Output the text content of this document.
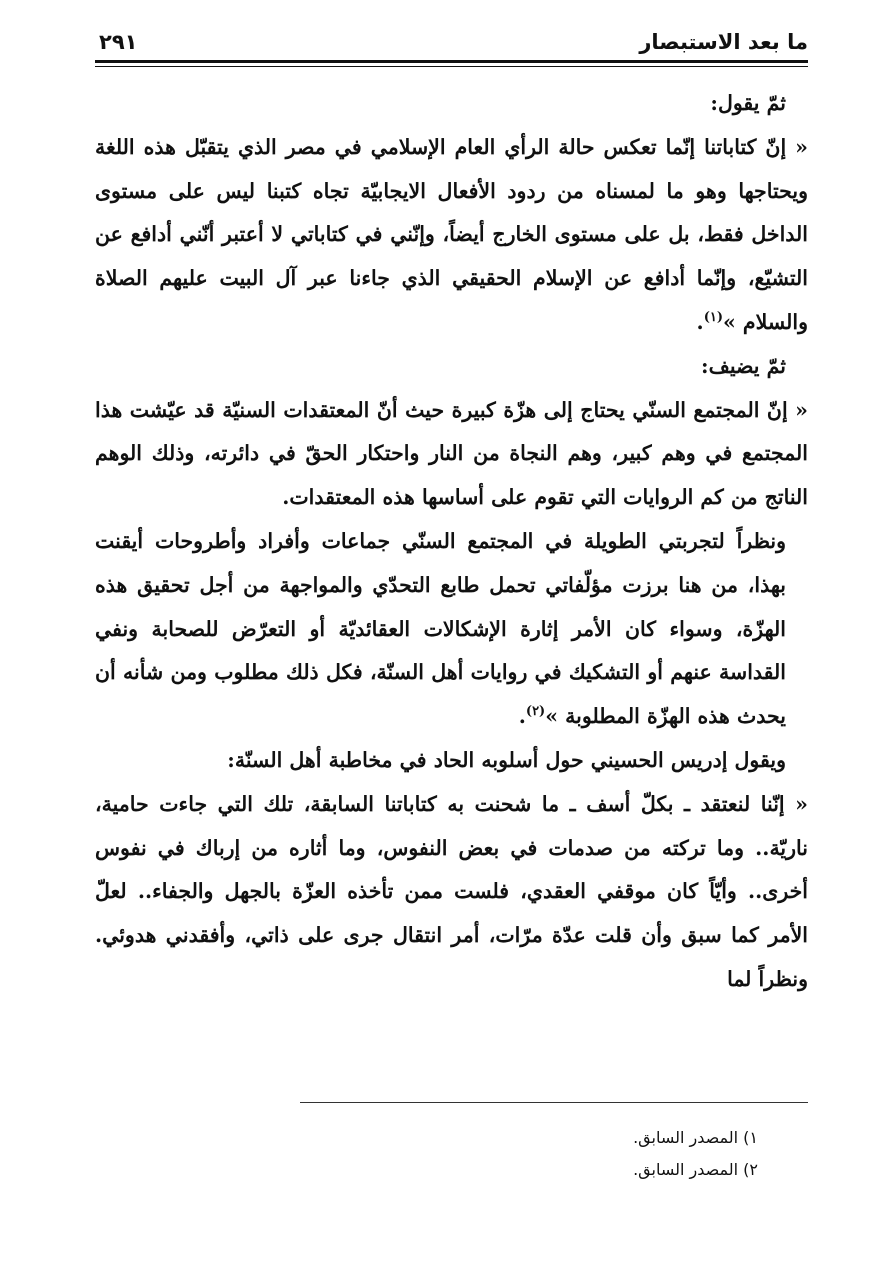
ما بعد الاستبصار
٢٩١

ثمّ يقول:

« إنّ كتاباتنا إنّما تعكس حالة الرأي العام الإسلامي في مصر الذي يتقبّل هذه اللغة ويحتاجها وهو ما لمسناه من ردود الأفعال الايجابيّة تجاه كتبنا ليس على مستوى الداخل فقط، بل على مستوى الخارج أيضاً، وإنّني في كتاباتي لا أعتبر أنّني أدافع عن التشيّع، وإنّما أدافع عن الإسلام الحقيقي الذي جاءنا عبر آل البيت عليهم الصلاة والسلام »$^{(١)}$.

ثمّ يضيف:

« إنّ المجتمع السنّي يحتاج إلى هزّة كبيرة حيث أنّ المعتقدات السنيّة قد عيّشت هذا المجتمع في وهم كبير، وهم النجاة من النار واحتكار الحقّ في دائرته، وذلك الوهم الناتج من كم الروايات التي تقوم على أساسها هذه المعتقدات.

ونظراً لتجربتي الطويلة في المجتمع السنّي جماعات وأفراد وأطروحات أيقنت بهذا، من هنا برزت مؤلّفاتي تحمل طابع التحدّي والمواجهة من أجل تحقيق هذه الهزّة، وسواء كان الأمر إثارة الإشكالات العقائديّة أو التعرّض للصحابة ونفي القداسة عنهم أو التشكيك في روايات أهل السنّة، فكل ذلك مطلوب ومن شأنه أن يحدث هذه الهزّة المطلوبة »$^{(٢)}$.

ويقول إدريس الحسيني حول أسلوبه الحاد في مخاطبة أهل السنّة:

« إنّنا لنعتقد ـ بكلّ أسف ـ ما شحنت به كتاباتنا السابقة، تلك التي جاءت حامية، ناريّة.. وما تركته من صدمات في بعض النفوس، وما أثاره من إرباك في نفوس أخرى.. وأيّاً كان موقفي العقدي، فلست ممن تأخذه العزّة بالجهل والجفاء.. لعلّ الأمر كما سبق وأن قلت عدّة مرّات، أمر انتقال جرى على ذاتي، وأفقدني هدوئي. ونظراً لما

١) المصدر السابق.

٢) المصدر السابق.
